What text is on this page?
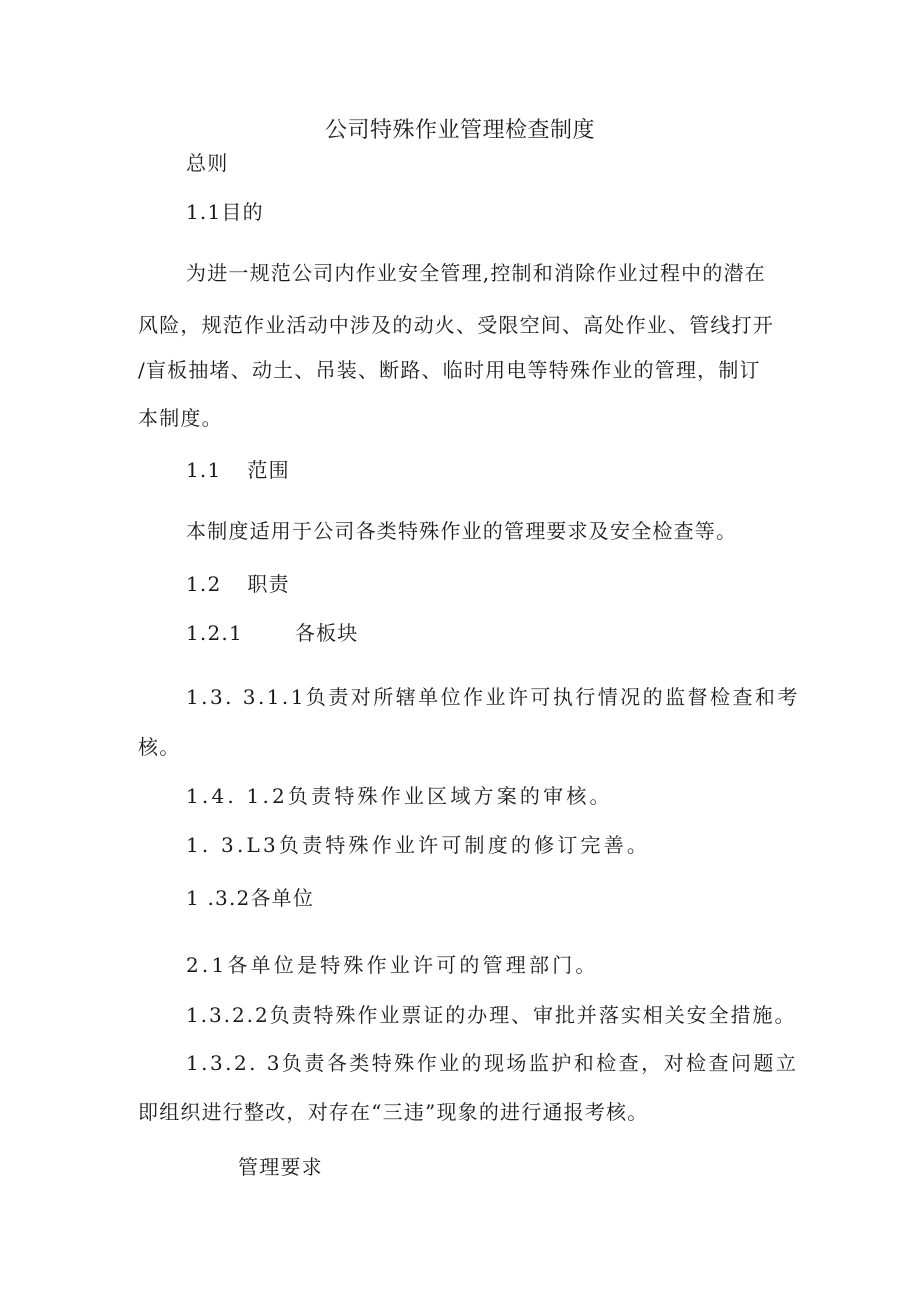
公司特殊作业管理检查制度
总则
1.1目的
为进一规范公司内作业安全管理,控制和消除作业过程中的潜在
风险，规范作业活动中涉及的动火、受限空间、高处作业、管线打开
/盲板抽堵、动土、吊装、断路、临时用电等特殊作业的管理，制订
本制度。
1.1 范围
本制度适用于公司各类特殊作业的管理要求及安全检查等。
1.2 职责
1.2.1	各板块
1.3. 3.1.1负责对所辖单位作业许可执行情况的监督检查和考
核。
1.4. 1.2负责特殊作业区域方案的审核。
1. 3.L3负责特殊作业许可制度的修订完善。
1 .3.2各单位
2.1各单位是特殊作业许可的管理部门。
1.3.2.2负责特殊作业票证的办理、审批并落实相关安全措施。
1.3.2. 3负责各类特殊作业的现场监护和检查，对检查问题立
即组织进行整改，对存在“三违”现象的进行通报考核。
管理要求
